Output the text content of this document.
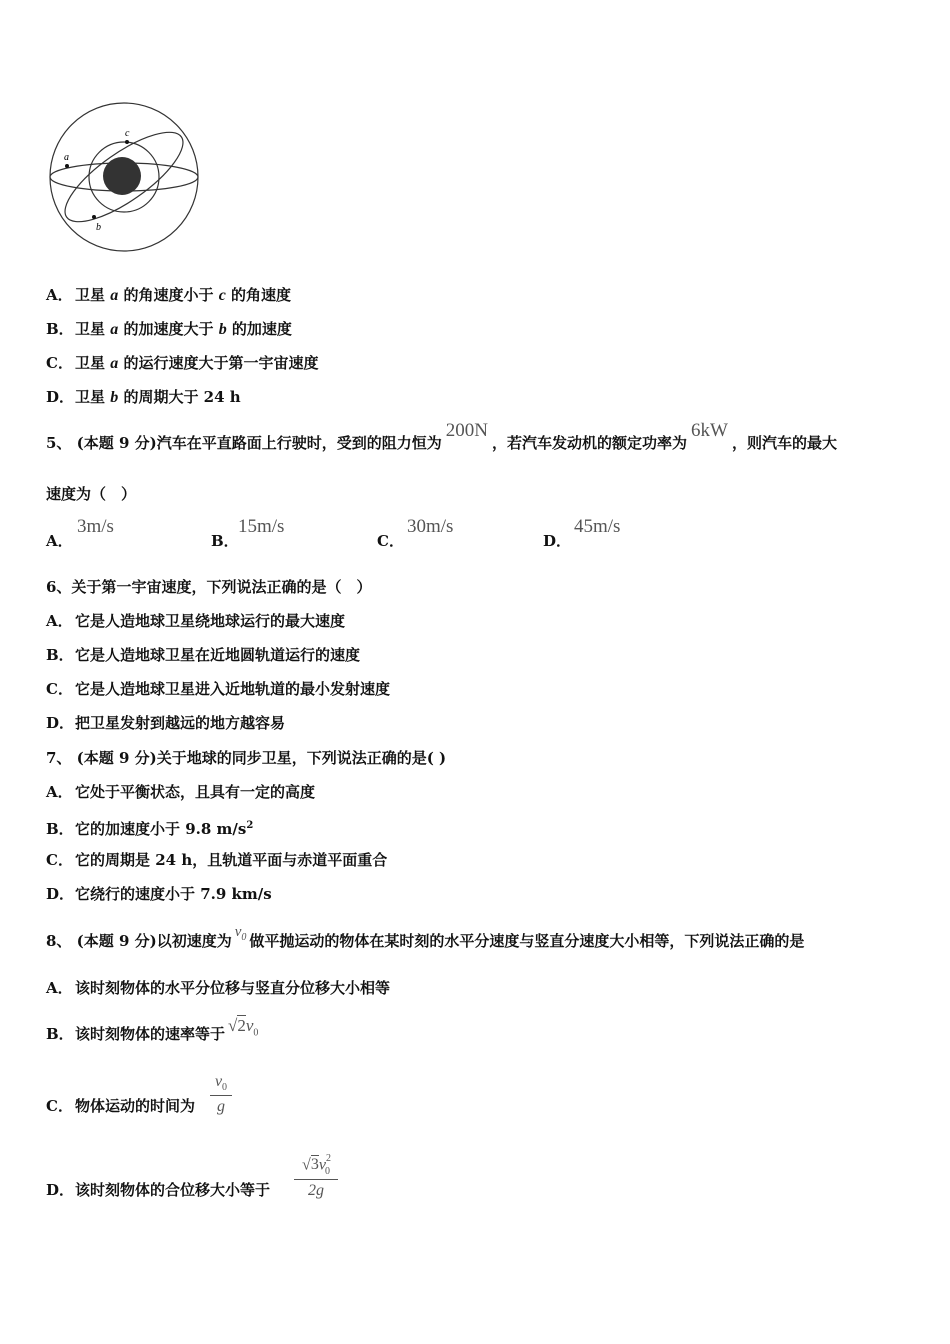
a
c
b
A． 卫星 a 的角速度小于 c 的角速度
B．卫星 a 的加速度大于 b 的加速度
C． 卫星 a 的运行速度大于第一宇宙速度
D．卫星 b 的周期大于 24 h
5、 (本题 9 分)汽车在平直路面上行驶时，受到的阻力恒为200N，若汽车发动机的额定功率为6kW，则汽车的最大
速度为（　）
A．
3m/s
B．
15m/s
C．
30m/s
D．
45m/s
6、关于第一宇宙速度，下列说法正确的是（　）
A． 它是人造地球卫星绕地球运行的最大速度
B．它是人造地球卫星在近地圆轨道运行的速度
C． 它是人造地球卫星进入近地轨道的最小发射速度
D．把卫星发射到越远的地方越容易
7、 (本题 9 分)关于地球的同步卫星，下列说法正确的是( )
A． 它处于平衡状态，且具有一定的高度
B．它的加速度小于 9.8 $m/s^2$
C． 它的周期是 24 h，且轨道平面与赤道平面重合
D．它绕行的速度小于 7.9 km/s
8、 (本题 9 分)以初速度为 $v_0$ 做平抛运动的物体在某时刻的水平分速度与竖直分速度大小相等，下列说法正确的是
A． 该时刻物体的水平分位移与竖直分位移大小相等
B．该时刻物体的速率等于 $√2v_0$
C． 物体运动的时间为
$v_0$
g
D．该时刻物体的合位移大小等于
$√3v^2_0$
2g
